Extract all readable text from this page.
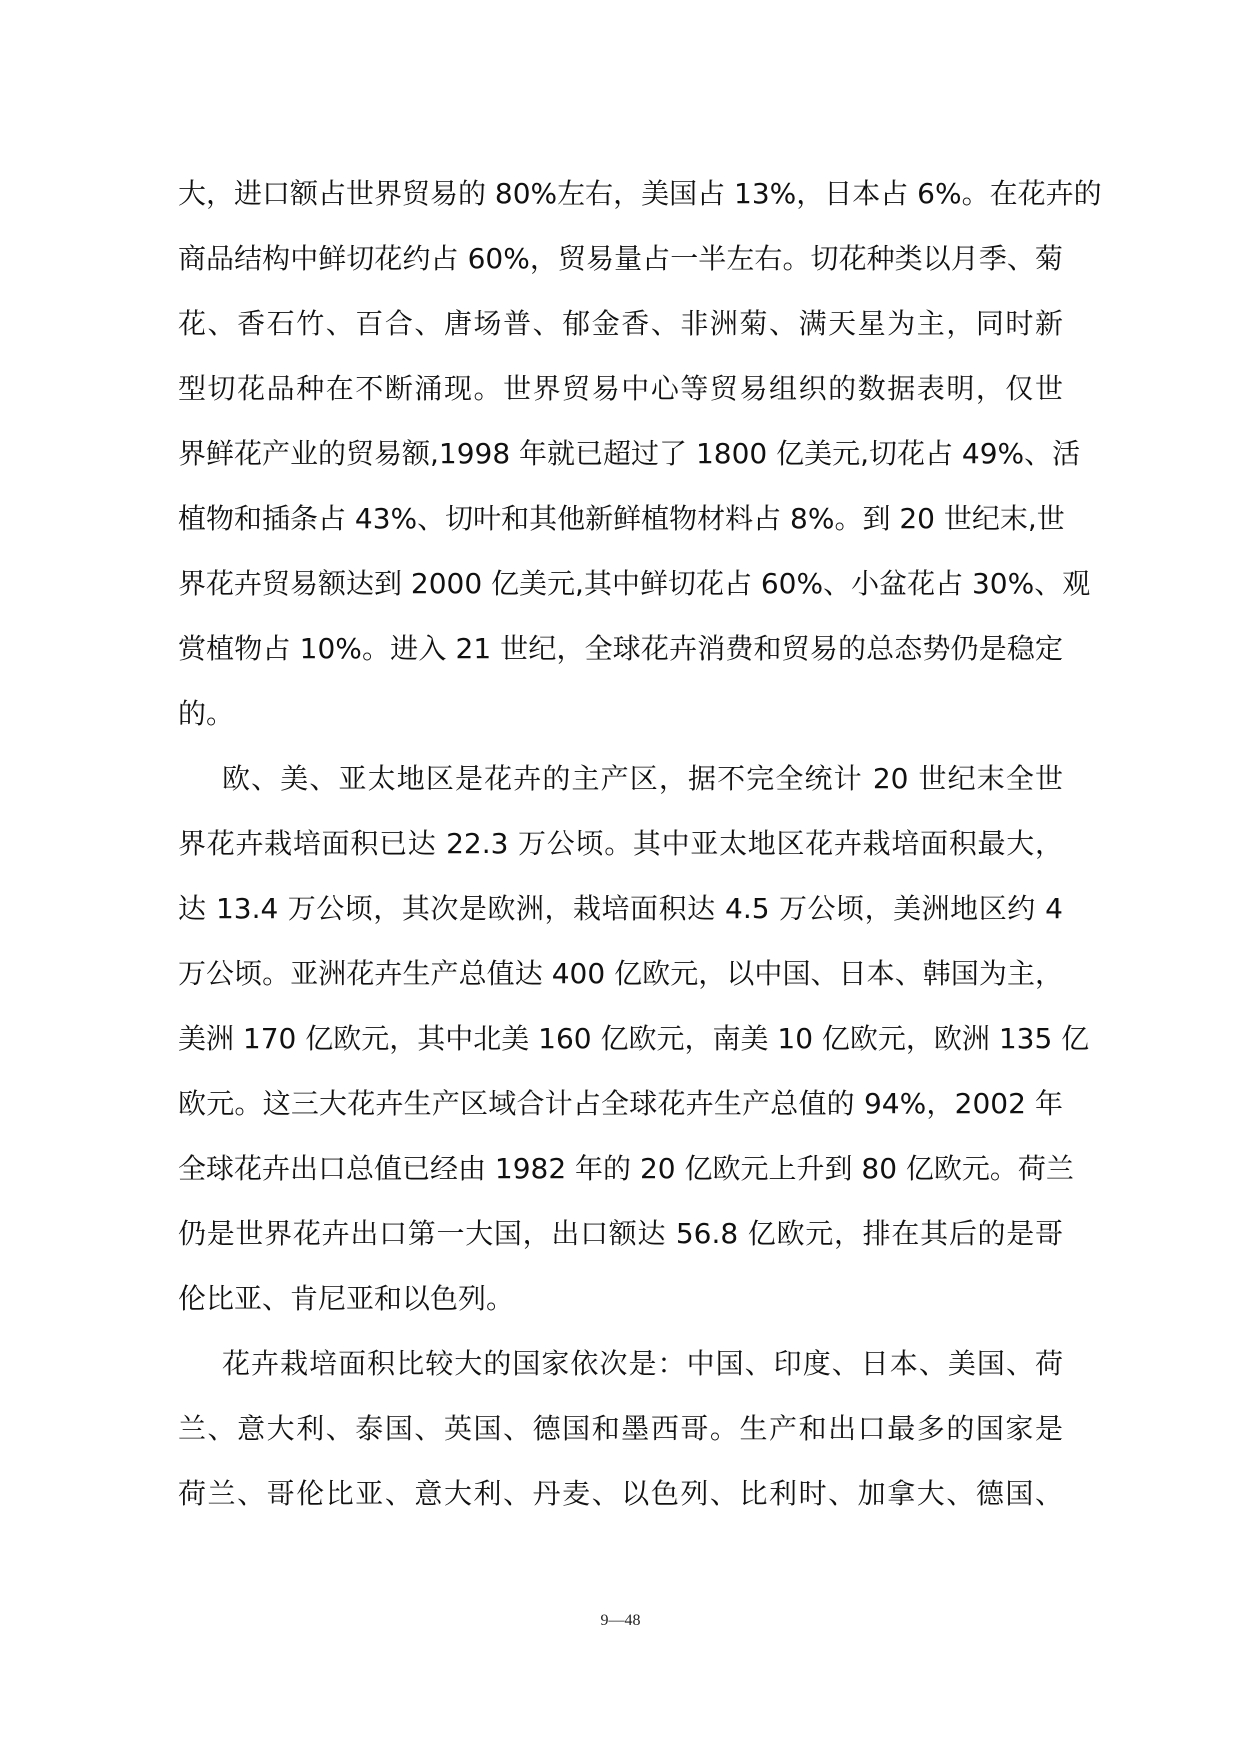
大，进口额占世界贸易的 80%左右，美国占 13%，日本占 6%。在花卉的
商品结构中鲜切花约占 60%，贸易量占一半左右。切花种类以月季、菊
花、香石竹、百合、唐场普、郁金香、非洲菊、满天星为主，同时新
型切花品种在不断涌现。世界贸易中心等贸易组织的数据表明，仅世
界鲜花产业的贸易额,1998 年就已超过了 1800 亿美元,切花占 49%、活
植物和插条占 43%、切叶和其他新鲜植物材料占 8%。到 20 世纪末,世
界花卉贸易额达到 2000 亿美元,其中鲜切花占 60%、小盆花占 30%、观
赏植物占 10%。进入 21 世纪，全球花卉消费和贸易的总态势仍是稳定
的。
欧、美、亚太地区是花卉的主产区，据不完全统计 20 世纪末全世
界花卉栽培面积已达 22.3 万公顷。其中亚太地区花卉栽培面积最大，
达 13.4 万公顷，其次是欧洲，栽培面积达 4.5 万公顷，美洲地区约 4
万公顷。亚洲花卉生产总值达 400 亿欧元，以中国、日本、韩国为主，
美洲 170 亿欧元，其中北美 160 亿欧元，南美 10 亿欧元，欧洲 135 亿
欧元。这三大花卉生产区域合计占全球花卉生产总值的 94%，2002 年
全球花卉出口总值已经由 1982 年的 20 亿欧元上升到 80 亿欧元。荷兰
仍是世界花卉出口第一大国，出口额达 56.8 亿欧元，排在其后的是哥
伦比亚、肯尼亚和以色列。
花卉栽培面积比较大的国家依次是：中国、印度、日本、美国、荷
兰、意大利、泰国、英国、德国和墨西哥。生产和出口最多的国家是
荷兰、哥伦比亚、意大利、丹麦、以色列、比利时、加拿大、德国、
9—48
